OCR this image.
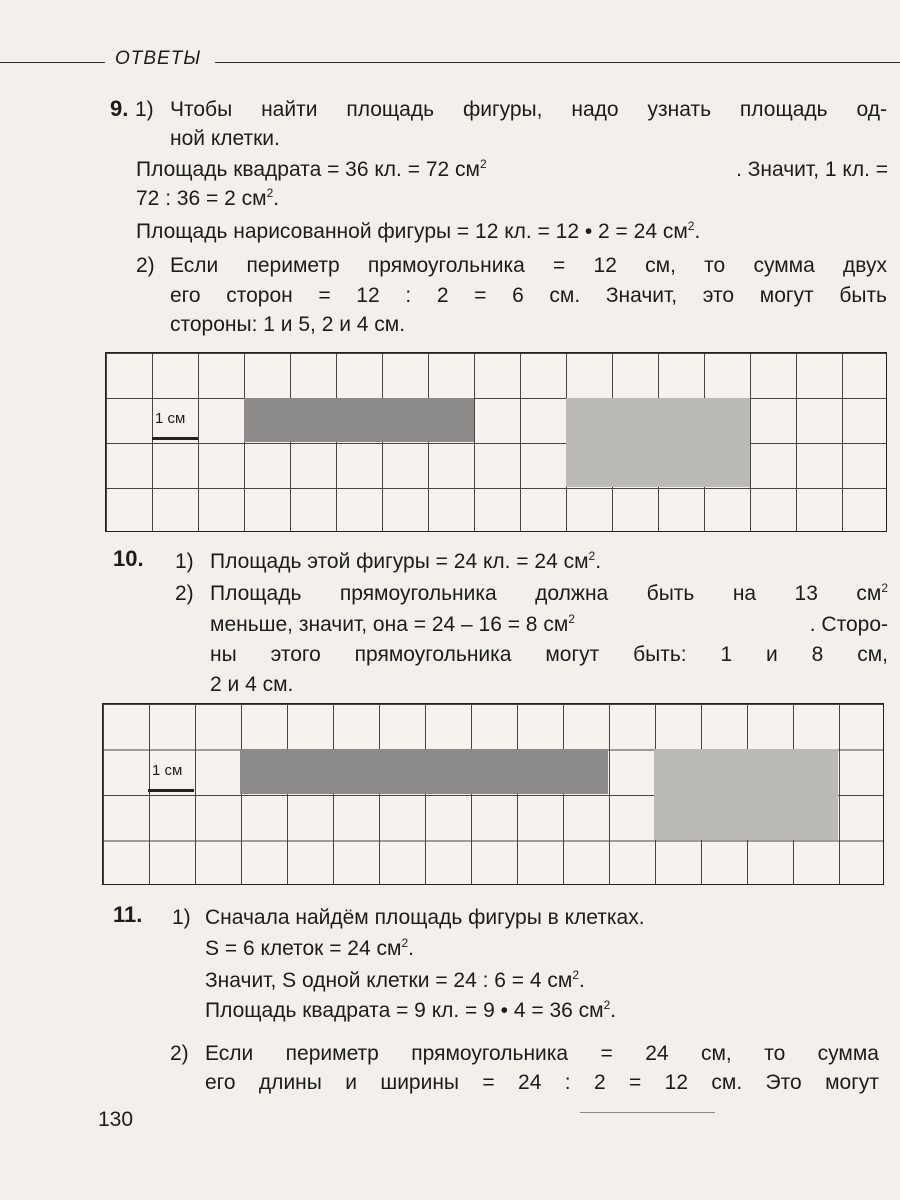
ОТВЕТЫ
9. 1) Чтобы найти площадь фигуры, надо узнать площадь од-
ной клетки.
Площадь квадрата = 36 кл. = 72 $см^2$	. Значит, 1 кл. =
72 : 36 = 2 $см^2$.
Площадь нарисованной фигуры = 12 кл. = 12 • 2 = 24 $см^2$.
2) Если периметр прямоугольника = 12 см, то сумма двух
его сторон = 12 : 2 = 6 см. Значит, это могут быть
стороны: 1 и 5, 2 и 4 см.
1 см
10. 1) Площадь этой фигуры = 24 кл. = 24 $см^2$.
2) Площадь прямоугольника должна быть на 13 $см^2$
меньше, значит, она = 24 – 16 = 8 $см^2$	. Сторо-
ны этого прямоугольника могут быть: 1 и 8 см,
2 и 4 см.
1 см
11. 1) Сначала найдём площадь фигуры в клетках.
S = 6 клеток = 24 $см^2$.
Значит, S одной клетки = 24 : 6 = 4 $см^2$.
Площадь квадрата = 9 кл. = 9 • 4 = 36 $см^2$.
2) Если периметр прямоугольника = 24 см, то сумма
его длины и ширины = 24 : 2 = 12 см. Это могут
130
